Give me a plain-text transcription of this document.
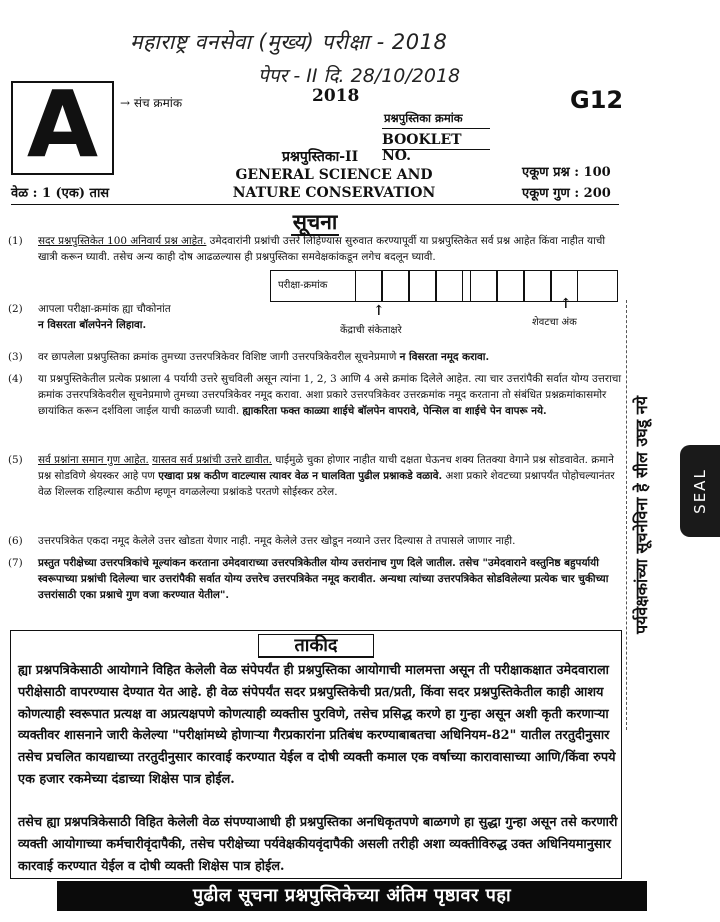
महाराष्ट्र वनसेवा (मुख्य) परीक्षा - 2018
पेपर - II दि. 28/10/2018
A	→ संच क्रमांक	2018	G12
प्रश्नपुस्तिका क्रमांक
BOOKLET NO.
प्रश्नपुस्तिका-II
GENERAL SCIENCE AND
NATURE CONSERVATION
एकूण प्रश्न : 100
एकूण गुण : 200
वेळ : 1 (एक) तास
सूचना
(1) सदर प्रश्नपुस्तिकेत 100 अनिवार्य प्रश्न आहेत. उमेदवारांनी प्रश्नांची उत्तरे लिहिण्यास सुरुवात करण्यापूर्वी या प्रश्नपुस्तिकेत सर्व प्रश्न आहेत किंवा नाहीत याची खात्री करून घ्यावी. तसेच अन्य काही दोष आढळल्यास ही प्रश्नपुस्तिका समवेक्षकांकडून लगेच बदलून घ्यावी.
(2) आपला परीक्षा-क्रमांक ह्या चौकोनांत
न विसरता बॉलपेनने लिहावा.
(3) वर छापलेला प्रश्नपुस्तिका क्रमांक तुमच्या उत्तरपत्रिकेवर विशिष्ट जागी उत्तरपत्रिकेवरील सूचनेप्रमाणे न विसरता नमूद करावा.
(4) या प्रश्नपुस्तिकेतील प्रत्येक प्रश्नाला 4 पर्यायी उत्तरे सुचविली असून त्यांना 1, 2, 3 आणि 4 असे क्रमांक दिलेले आहेत. त्या चार उत्तरांपैकी सर्वात योग्य उत्तराचा क्रमांक उत्तरपत्रिकेवरील सूचनेप्रमाणे तुमच्या उत्तरपत्रिकेवर नमूद करावा. अशा प्रकारे उत्तरपत्रिकेवर उत्तरक्रमांक नमूद करताना तो संबंधित प्रश्नक्रमांकासमोर छायांकित करून दर्शविला जाईल याची काळजी घ्यावी. ह्याकरिता फक्त काळ्या शाईचे बॉलपेन वापरावे, पेन्सिल वा शाईचे पेन वापरू नये.
(5) सर्व प्रश्नांना समान गुण आहेत. यास्तव सर्व प्रश्नांची उत्तरे द्यावीत. घाईमुळे चुका होणार नाहीत याची दक्षता घेऊनच शक्य तितक्या वेगाने प्रश्न सोडवावेत. क्रमाने प्रश्न सोडविणे श्रेयस्कर आहे पण एखादा प्रश्न कठीण वाटल्यास त्यावर वेळ न घालविता पुढील प्रश्नाकडे वळावे. अशा प्रकारे शेवटच्या प्रश्नापर्यंत पोहोचल्यानंतर वेळ शिल्लक राहिल्यास कठीण म्हणून वगळलेल्या प्रश्नांकडे परतणे सोईस्कर ठरेल.
(6) उत्तरपत्रिकेत एकदा नमूद केलेले उत्तर खोडता येणार नाही. नमूद केलेले उत्तर खोडून नव्याने उत्तर दिल्यास ते तपासले जाणार नाही.
(7) प्रस्तुत परीक्षेच्या उत्तरपत्रिकांचे मूल्यांकन करताना उमेदवाराच्या उत्तरपत्रिकेतील योग्य उत्तरांनाच गुण दिले जातील. तसेच "उमेदवाराने वस्तुनिष्ठ बहुपर्यायी स्वरूपाच्या प्रश्नांची दिलेल्या चार उत्तरांपैकी सर्वात योग्य उत्तरेच उत्तरपत्रिकेत नमूद करावीत. अन्यथा त्यांच्या उत्तरपत्रिकेत सोडविलेल्या प्रत्येक चार चुकीच्या उत्तरांसाठी एका प्रश्नाचे गुण वजा करण्यात येतील".
परीक्षा-क्रमांक
↑	↑
केंद्राची संकेताक्षरे
शेवटचा अंक
ताकीद
ह्या प्रश्नपत्रिकेसाठी आयोगाने विहित केलेली वेळ संपेपर्यंत ही प्रश्नपुस्तिका आयोगाची मालमत्ता असून ती परीक्षाकक्षात उमेदवाराला परीक्षेसाठी वापरण्यास देण्यात येत आहे. ही वेळ संपेपर्यंत सदर प्रश्नपुस्तिकेची प्रत/प्रती, किंवा सदर प्रश्नपुस्तिकेतील काही आशय कोणत्याही स्वरूपात प्रत्यक्ष वा अप्रत्यक्षपणे कोणत्याही व्यक्तीस पुरविणे, तसेच प्रसिद्ध करणे हा गुन्हा असून अशी कृती करणाऱ्या व्यक्तीवर शासनाने जारी केलेल्या "परीक्षांमध्ये होणाऱ्या गैरप्रकारांना प्रतिबंध करण्याबाबतचा अधिनियम-82" यातील तरतुदीनुसार तसेच प्रचलित कायद्याच्या तरतुदीनुसार कारवाई करण्यात येईल व दोषी व्यक्ती कमाल एक वर्षाच्या कारावासाच्या आणि/किंवा रुपये एक हजार रकमेच्या दंडाच्या शिक्षेस पात्र होईल.
तसेच ह्या प्रश्नपत्रिकेसाठी विहित केलेली वेळ संपण्याआधी ही प्रश्नपुस्तिका अनधिकृतपणे बाळगणे हा सुद्धा गुन्हा असून तसे करणारी व्यक्ती आयोगाच्या कर्मचारीवृंदापैकी, तसेच परीक्षेच्या पर्यवेक्षकीयवृंदापैकी असली तरीही अशा व्यक्तीविरुद्ध उक्त अधिनियमानुसार कारवाई करण्यात येईल व दोषी व्यक्ती शिक्षेस पात्र होईल.
पुढील सूचना प्रश्नपुस्तिकेच्या अंतिम पृष्ठावर पहा
पर्यवेक्षकांच्या सूचनेविना हे सील उघडू नये	SEAL
